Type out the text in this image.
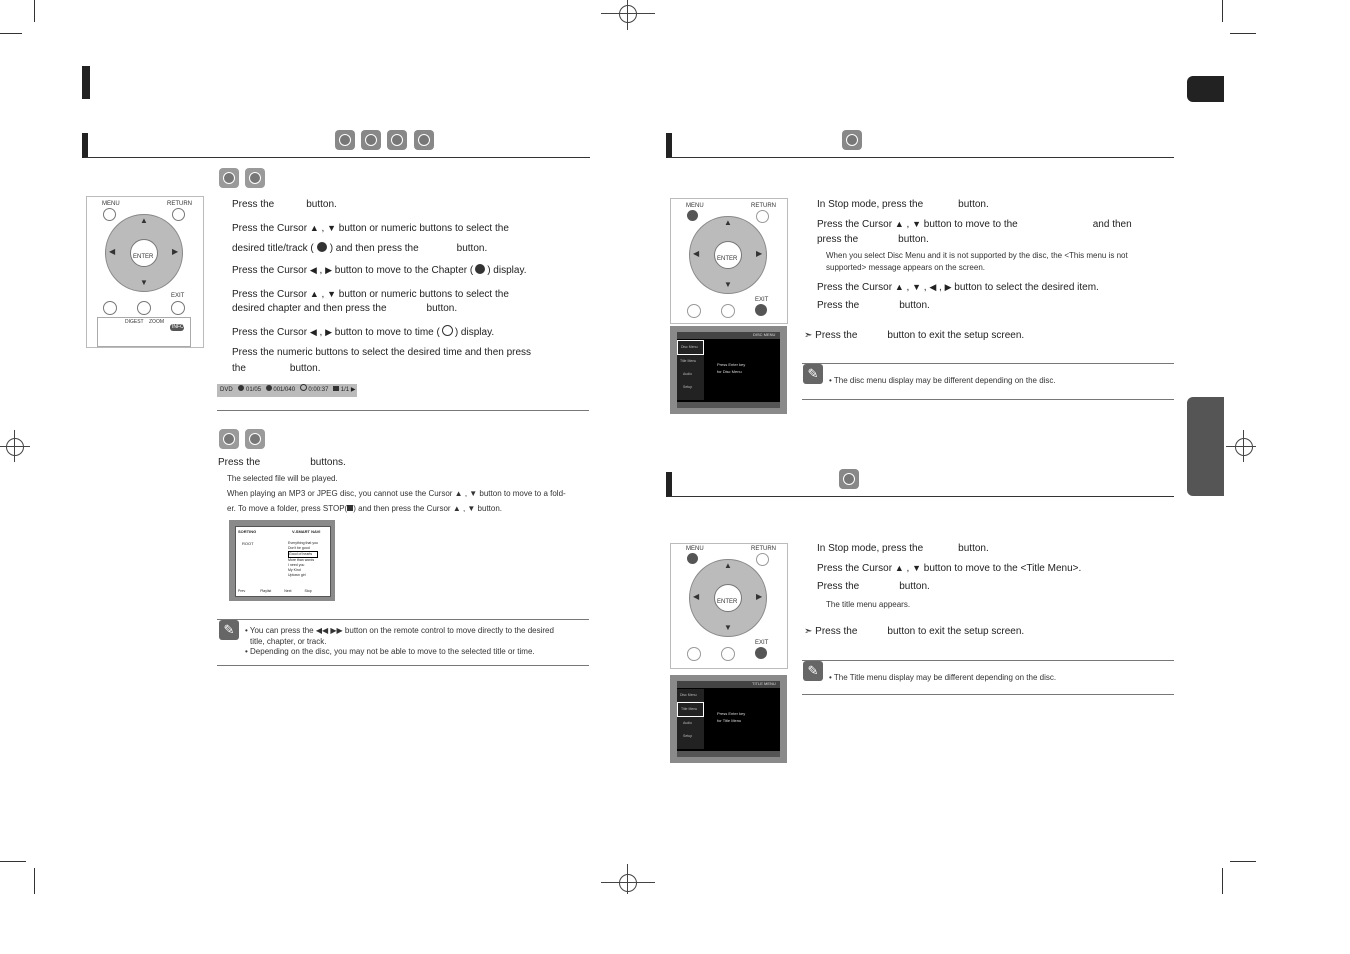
MENU	RETURN
ENTER
▲
▼
◀	▶
EXIT
DIGEST ZOOM
INFO
Press the	button.
Press the Cursor ▲ , ▼ button or numeric buttons to select the
desired title/track ( ) and then press the	button.
Press the Cursor ◀ , ▶ button to move to the Chapter ( ) display.
Press the Cursor ▲ , ▼ button or numeric buttons to select the
desired chapter and then press the	button.
Press the Cursor ◀ , ▶ button to move to time ( ) display.
Press the numeric buttons to select the desired time and then press
the	button.
DVD 01/05 001/040 0:00:37 1/1 ▶
Press the	buttons.
The selected file will be played.
When playing an MP3 or JPEG disc, you cannot use the Cursor ▲ , ▼ button to move to a fold-
er. To move a folder, press STOP( ) and then press the Cursor ▲ , ▼ button.
SORTING	V-SMART NAVI
ROOT	Everything that you
Don't be good
Good of hearts
More than words
I need you
My Kind
Uptown girl
Prev	Playlist	Next	Stop
✎	• You can press the ◀◀ ▶▶ button on the remote control to move directly to the desired
title, chapter, or track.
• Depending on the disc, you may not be able to move to the selected title or time.
MENU	RETURN
ENTER
▲
▼
◀	▶
EXIT
DISC MENU
Disc Menu
Title Menu
Audio
Setup
Press Enter key
for Disc Menu
In Stop mode, press the	button.
Press the Cursor ▲ , ▼ button to move to the	and then
press the	button.
When you select Disc Menu and it is not supported by the disc, the <This menu is not
supported> message appears on the screen.
Press the Cursor ▲ , ▼ , ◀ , ▶ button to select the desired item.
Press the	button.
➣ Press the	button to exit the setup screen.
✎	• The disc menu display may be different depending on the disc.
MENU	RETURN
ENTER
▲
▼
◀	▶
EXIT
TITLE MENU
Disc Menu
Title Menu
Audio
Setup
Press Enter key
for Title Menu
In Stop mode, press the	button.
Press the Cursor ▲ , ▼ button to move to the <Title Menu>.
Press the	button.
The title menu appears.
➣ Press the	button to exit the setup screen.
✎	• The Title menu display may be different depending on the disc.
